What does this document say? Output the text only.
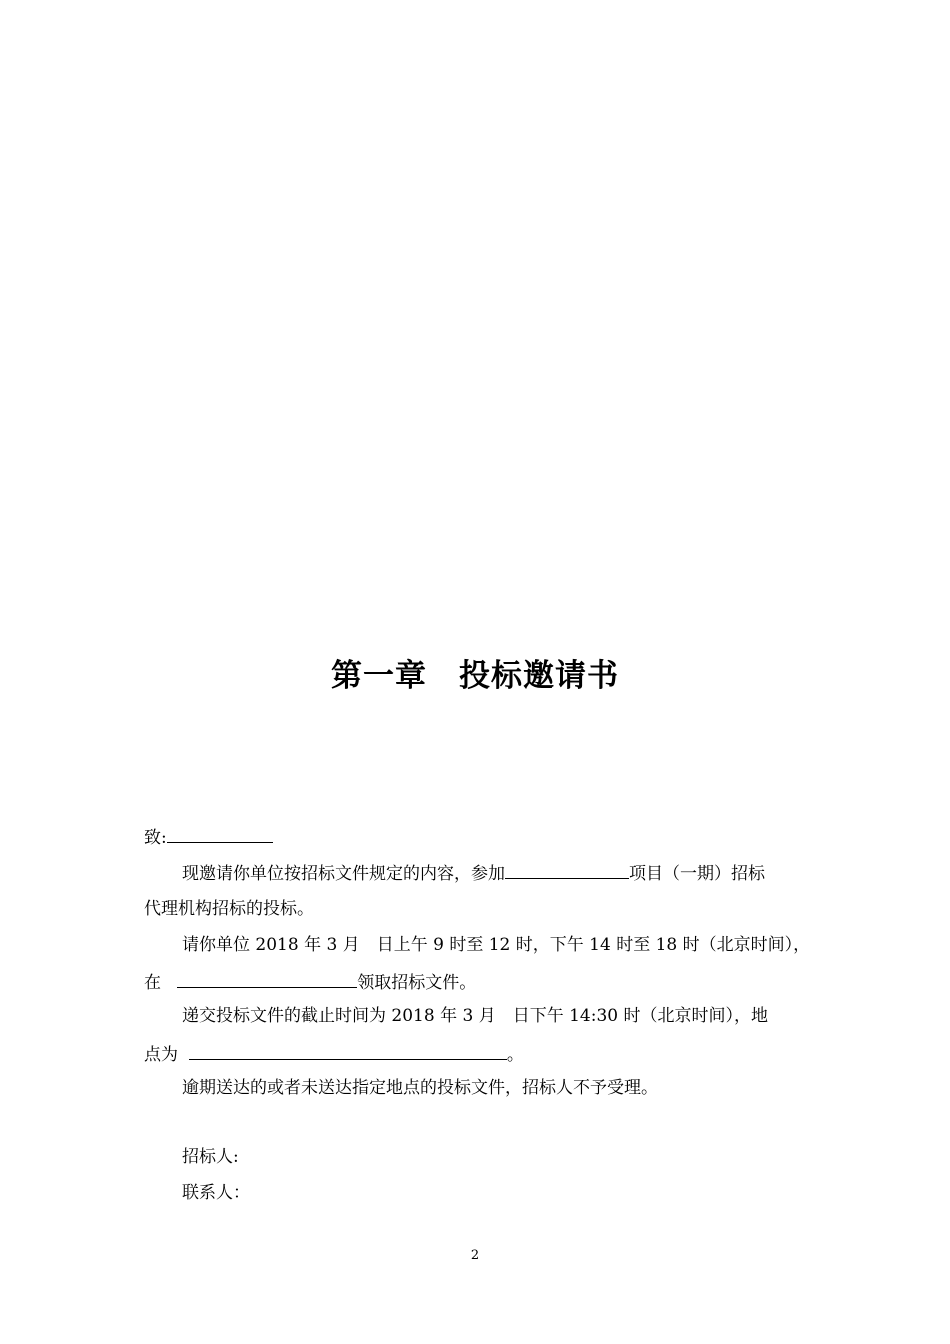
第一章　投标邀请书
致:
现邀请你单位按招标文件规定的内容，参加	项目（一期）招标
代理机构招标的投标。
请你单位 2018 年 3 月　日上午 9 时至 12 时，下午 14 时至 18 时（北京时间），
在	领取招标文件。
递交投标文件的截止时间为 2018 年 3 月　日下午 14:30 时（北京时间），地
点为	。
逾期送达的或者未送达指定地点的投标文件，招标人不予受理。
招标人:
联系人：
2
